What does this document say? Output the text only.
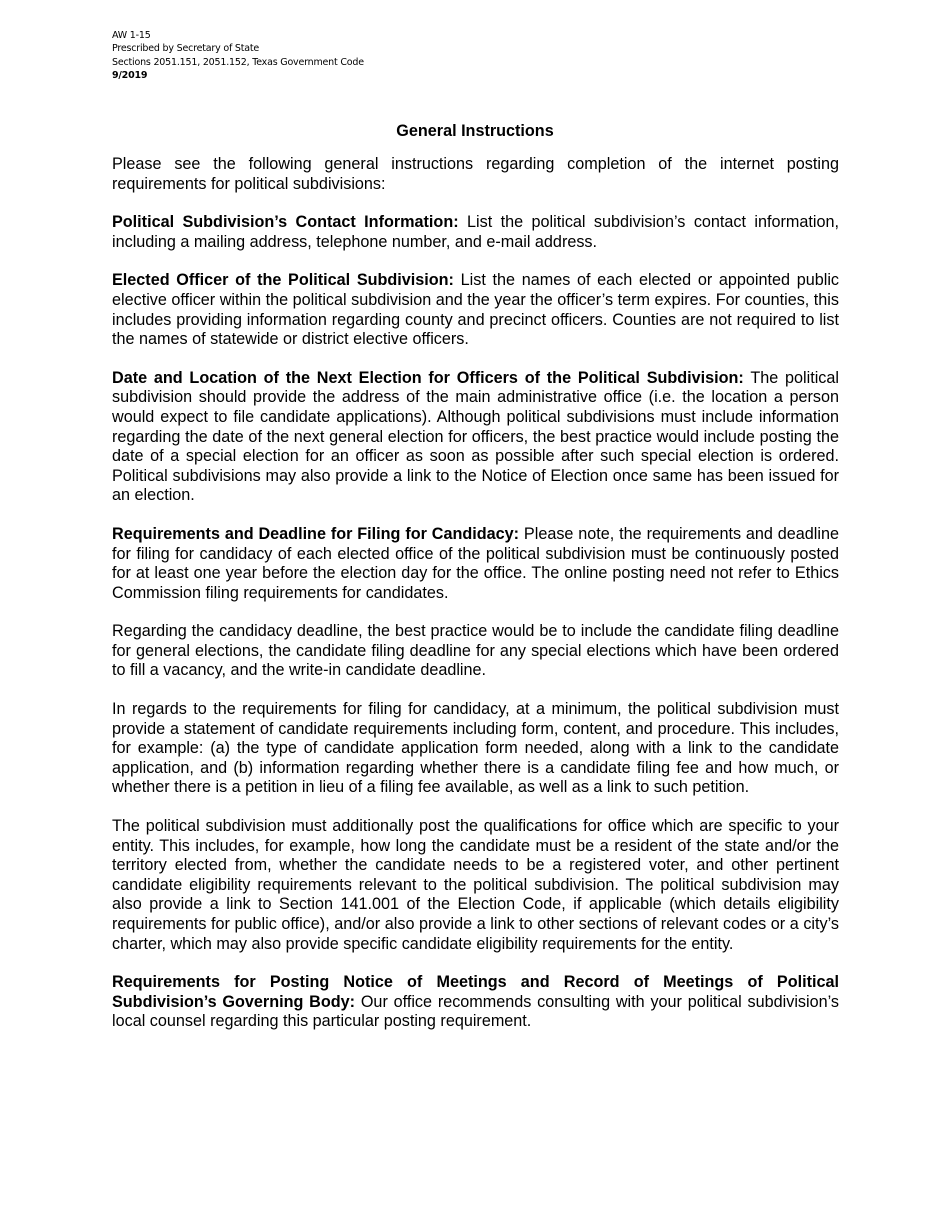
AW 1-15
Prescribed by Secretary of State
Sections 2051.151, 2051.152, Texas Government Code
9/2019
General Instructions

Please see the following general instructions regarding completion of the internet posting requirements for political subdivisions:

Political Subdivision’s Contact Information: List the political subdivision’s contact information, including a mailing address, telephone number, and e-mail address.

Elected Officer of the Political Subdivision: List the names of each elected or appointed public elective officer within the political subdivision and the year the officer’s term expires. For counties, this includes providing information regarding county and precinct officers. Counties are not required to list the names of statewide or district elective officers.

Date and Location of the Next Election for Officers of the Political Subdivision: The political subdivision should provide the address of the main administrative office (i.e. the location a person would expect to file candidate applications). Although political subdivisions must include information regarding the date of the next general election for officers, the best practice would include posting the date of a special election for an officer as soon as possible after such special election is ordered. Political subdivisions may also provide a link to the Notice of Election once same has been issued for an election.

Requirements and Deadline for Filing for Candidacy: Please note, the requirements and deadline for filing for candidacy of each elected office of the political subdivision must be continuously posted for at least one year before the election day for the office. The online posting need not refer to Ethics Commission filing requirements for candidates.

Regarding the candidacy deadline, the best practice would be to include the candidate filing deadline for general elections, the candidate filing deadline for any special elections which have been ordered to fill a vacancy, and the write-in candidate deadline.

In regards to the requirements for filing for candidacy, at a minimum, the political subdivision must provide a statement of candidate requirements including form, content, and procedure. This includes, for example: (a) the type of candidate application form needed, along with a link to the candidate application, and (b) information regarding whether there is a candidate filing fee and how much, or whether there is a petition in lieu of a filing fee available, as well as a link to such petition.

The political subdivision must additionally post the qualifications for office which are specific to your entity. This includes, for example, how long the candidate must be a resident of the state and/or the territory elected from, whether the candidate needs to be a registered voter, and other pertinent candidate eligibility requirements relevant to the political subdivision. The political subdivision may also provide a link to Section 141.001 of the Election Code, if applicable (which details eligibility requirements for public office), and/or also provide a link to other sections of relevant codes or a city’s charter, which may also provide specific candidate eligibility requirements for the entity.

Requirements for Posting Notice of Meetings and Record of Meetings of Political Subdivision’s Governing Body: Our office recommends consulting with your political subdivision’s local counsel regarding this particular posting requirement.
